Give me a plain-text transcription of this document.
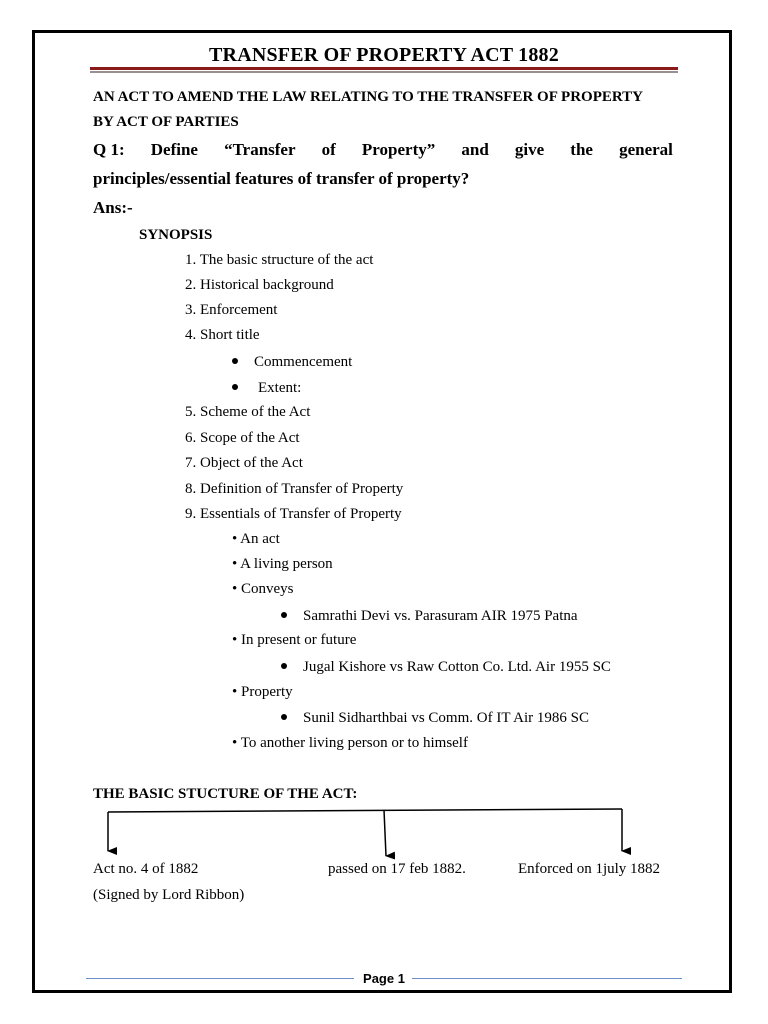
TRANSFER OF PROPERTY ACT 1882
AN ACT TO AMEND THE LAW RELATING TO THE TRANSFER OF PROPERTY
BY ACT OF PARTIES
Q 1: Define “Transfer of Property” and give the general
principles/essential features of transfer of property?
Ans:-
SYNOPSIS
1. The basic structure of the act
2. Historical background
3. Enforcement
4. Short title
Commencement
Extent:
5. Scheme of the Act
6. Scope of the Act
7. Object of the Act
8. Definition of Transfer of Property
9. Essentials of Transfer of Property
• An act
• A living person
• Conveys
Samrathi Devi vs. Parasuram AIR 1975 Patna
• In present or future
Jugal Kishore vs Raw Cotton Co. Ltd. Air 1955 SC
• Property
Sunil Sidharthbai vs Comm. Of IT Air 1986 SC
• To another living person or to himself
THE BASIC STUCTURE OF THE ACT:
Act no. 4 of 1882	passed on 17 feb 1882.	Enforced on 1july 1882
(Signed by Lord Ribbon)
Page 1
